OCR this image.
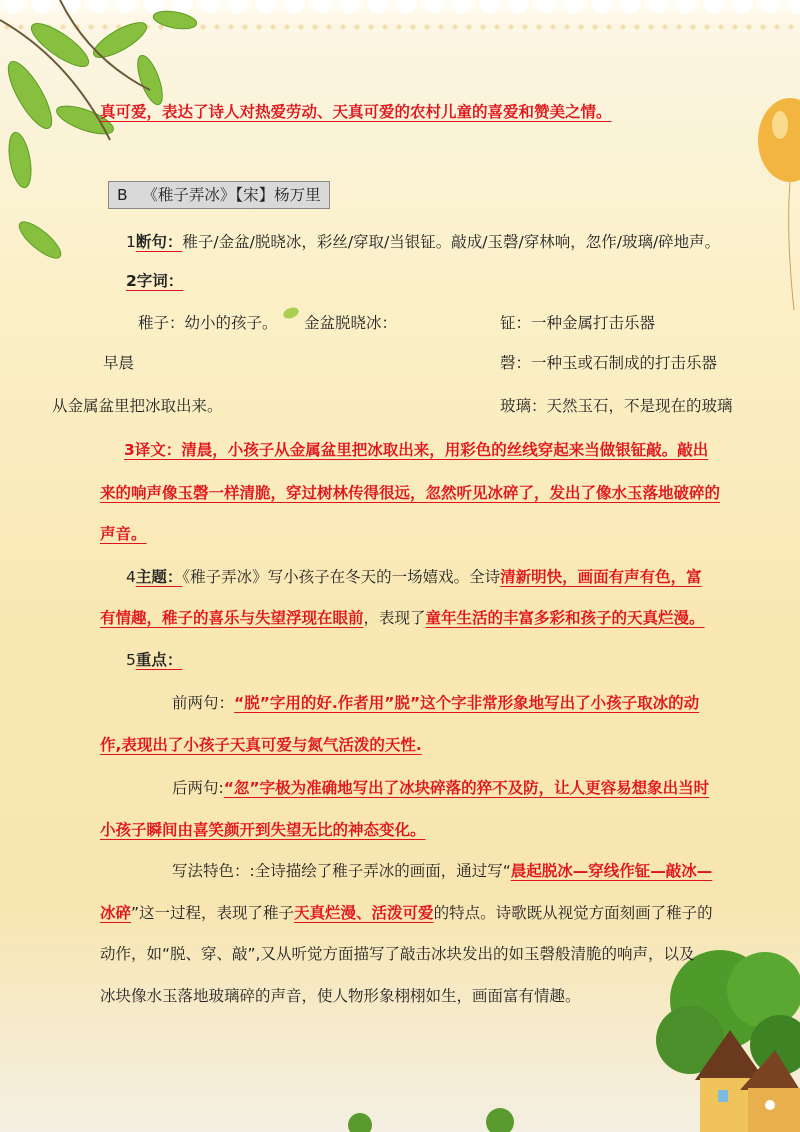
真可爱，表达了诗人对热爱劳动、天真可爱的农村儿童的喜爱和赞美之情。
B 《稚子弄冰》【宋】杨万里
1断句：稚子/金盆/脱晓冰，彩丝/穿取/当银钲。敲成/玉磬/穿林响，忽作/玻璃/碎地声。
2字词：
稚子：幼小的孩子。 金盆脱晓冰：	钲：一种金属打击乐器
早晨	磬：一种玉或石制成的打击乐器
从金属盆里把冰取出来。	玻璃：天然玉石，不是现在的玻璃
3译文：清晨，小孩子从金属盆里把冰取出来，用彩色的丝线穿起来当做银钲敲。敲出
来的响声像玉磬一样清脆，穿过树林传得很远，忽然听见冰碎了，发出了像水玉落地破碎的
声音。
4主题：《稚子弄冰》写小孩子在冬天的一场嬉戏。全诗清新明快，画面有声有色，富
有情趣，稚子的喜乐与失望浮现在眼前，表现了童年生活的丰富多彩和孩子的天真烂漫。
5重点：
前两句：“脱”字用的好.作者用”脱”这个字非常形象地写出了小孩子取冰的动
作,表现出了小孩子天真可爱与氮气活泼的天性.
后两句:“忽”字极为准确地写出了冰块碎落的猝不及防，让人更容易想象出当时
小孩子瞬间由喜笑颜开到失望无比的神态变化。
写法特色：:全诗描绘了稚子弄冰的画面，通过写“晨起脱冰—穿线作钲—敲冰—
冰碎”这一过程，表现了稚子天真烂漫、活泼可爱的特点。诗歌既从视觉方面刻画了稚子的
动作，如“脱、穿、敲”,又从听觉方面描写了敲击冰块发出的如玉磬般清脆的响声，以及
冰块像水玉落地玻璃碎的声音，使人物形象栩栩如生，画面富有情趣。
